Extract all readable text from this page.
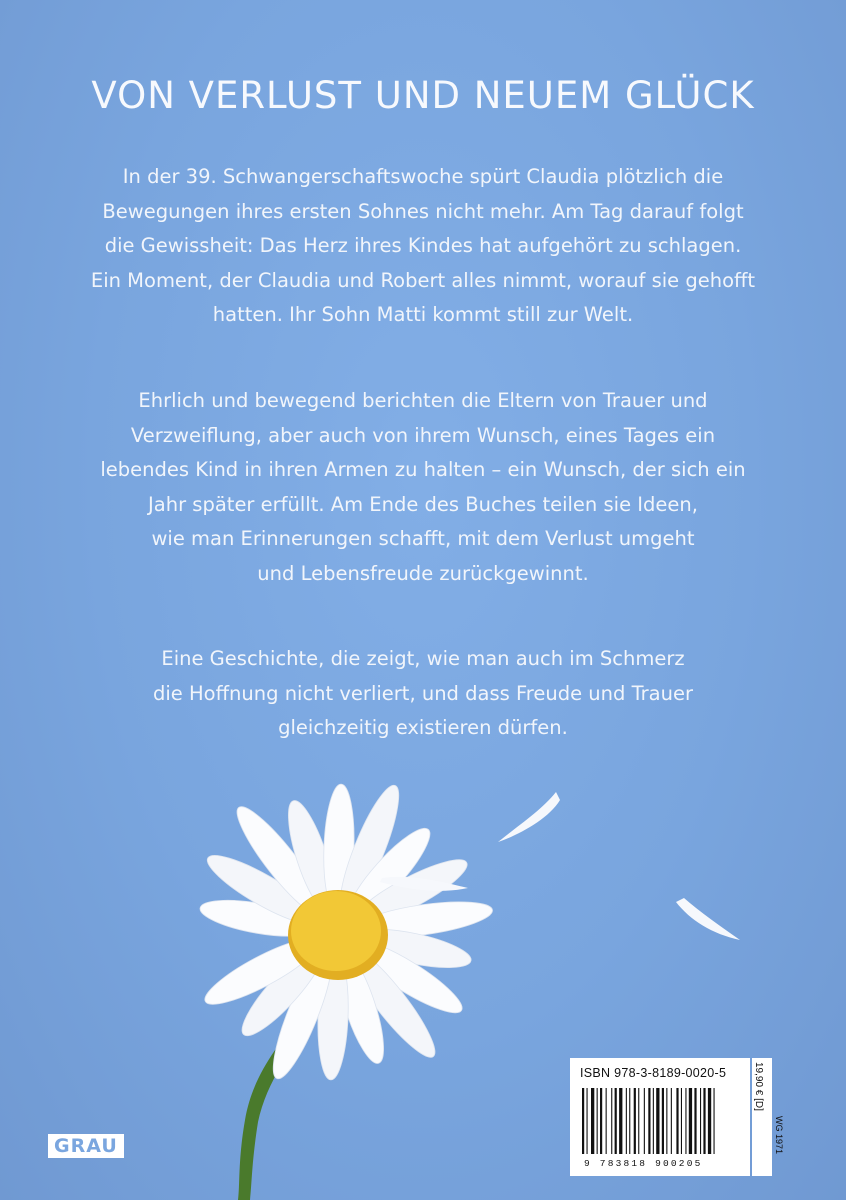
VON VERLUST UND NEUEM GLÜCK

In der 39. Schwangerschaftswoche spürt Claudia plötzlich die
Bewegungen ihres ersten Sohnes nicht mehr. Am Tag darauf folgt
die Gewissheit: Das Herz ihres Kindes hat aufgehört zu schlagen.
Ein Moment, der Claudia und Robert alles nimmt, worauf sie gehofft
hatten. Ihr Sohn Matti kommt still zur Welt.

Ehrlich und bewegend berichten die Eltern von Trauer und
Verzweiflung, aber auch von ihrem Wunsch, eines Tages ein
lebendes Kind in ihren Armen zu halten – ein Wunsch, der sich ein
Jahr später erfüllt. Am Ende des Buches teilen sie Ideen,
wie man Erinnerungen schafft, mit dem Verlust umgeht
und Lebensfreude zurückgewinnt.

Eine Geschichte, die zeigt, wie man auch im Schmerz
die Hoffnung nicht verliert, und dass Freude und Trauer
gleichzeitig existieren dürfen.

ISBN 978-3-8189-0020-5
9 783818 900205
19,90 € [D]
WG 1971
GRAU
